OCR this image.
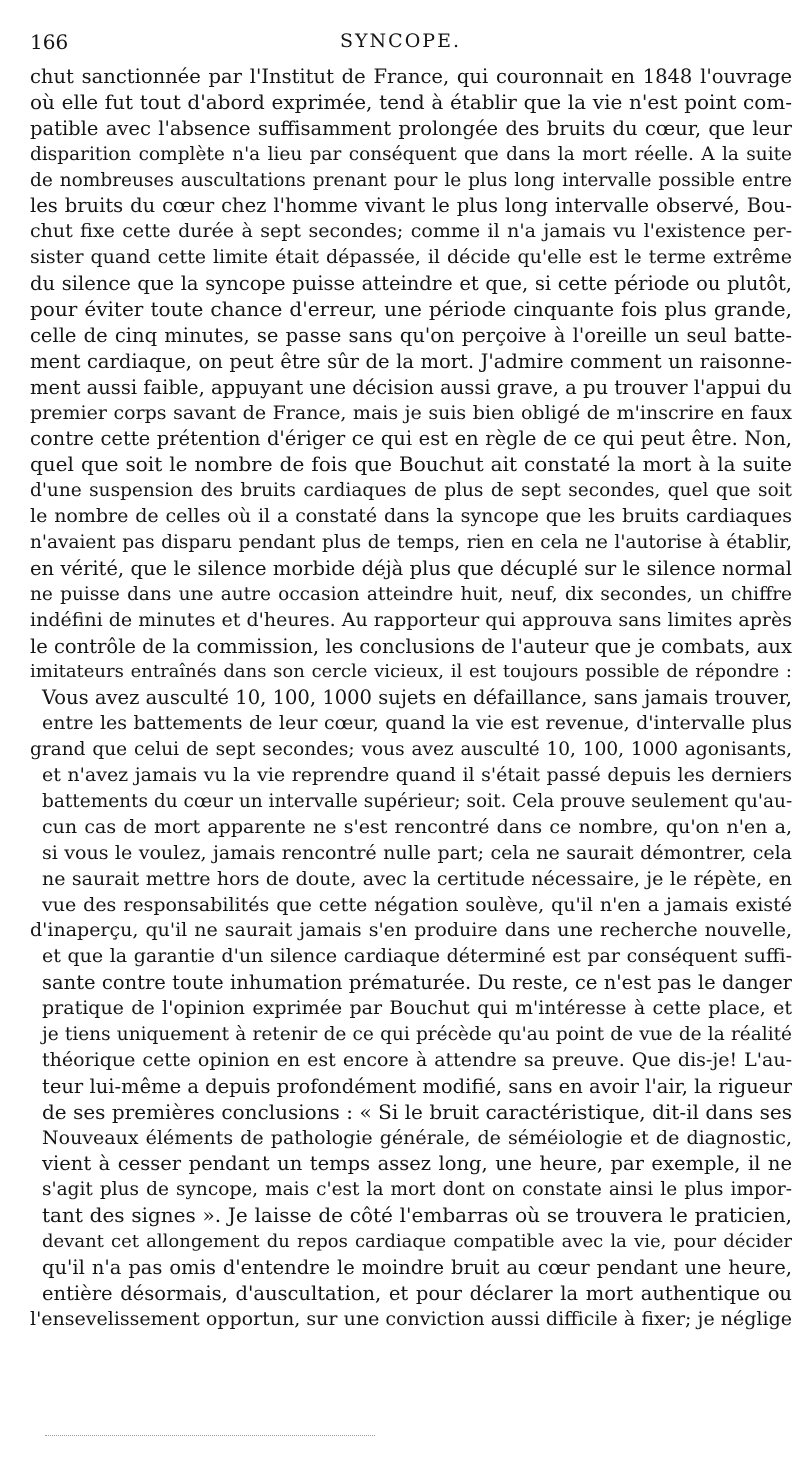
166	SYNCOPE.
chut sanctionnée par l'Institut de France, qui couronnait en 1848 l'ouvrage
où elle fut tout d'abord exprimée, tend à établir que la vie n'est point com-
patible avec l'absence suffisamment prolongée des bruits du cœur, que leur
disparition complète n'a lieu par conséquent que dans la mort réelle. A la suite
de nombreuses auscultations prenant pour le plus long intervalle possible entre
les bruits du cœur chez l'homme vivant le plus long intervalle observé, Bou-
chut fixe cette durée à sept secondes; comme il n'a jamais vu l'existence per-
sister quand cette limite était dépassée, il décide qu'elle est le terme extrême
du silence que la syncope puisse atteindre et que, si cette période ou plutôt,
pour éviter toute chance d'erreur, une période cinquante fois plus grande,
celle de cinq minutes, se passe sans qu'on perçoive à l'oreille un seul batte-
ment cardiaque, on peut être sûr de la mort. J'admire comment un raisonne-
ment aussi faible, appuyant une décision aussi grave, a pu trouver l'appui du
premier corps savant de France, mais je suis bien obligé de m'inscrire en faux
contre cette prétention d'ériger ce qui est en règle de ce qui peut être. Non,
quel que soit le nombre de fois que Bouchut ait constaté la mort à la suite
d'une suspension des bruits cardiaques de plus de sept secondes, quel que soit
le nombre de celles où il a constaté dans la syncope que les bruits cardiaques
n'avaient pas disparu pendant plus de temps, rien en cela ne l'autorise à établir,
en vérité, que le silence morbide déjà plus que décuplé sur le silence normal
ne puisse dans une autre occasion atteindre huit, neuf, dix secondes, un chiffre
indéfini de minutes et d'heures. Au rapporteur qui approuva sans limites après
le contrôle de la commission, les conclusions de l'auteur que je combats, aux
imitateurs entraînés dans son cercle vicieux, il est toujours possible de répondre :
Vous avez ausculté 10, 100, 1000 sujets en défaillance, sans jamais trouver,
entre les battements de leur cœur, quand la vie est revenue, d'intervalle plus
grand que celui de sept secondes; vous avez ausculté 10, 100, 1000 agonisants,
et n'avez jamais vu la vie reprendre quand il s'était passé depuis les derniers
battements du cœur un intervalle supérieur; soit. Cela prouve seulement qu'au-
cun cas de mort apparente ne s'est rencontré dans ce nombre, qu'on n'en a,
si vous le voulez, jamais rencontré nulle part; cela ne saurait démontrer, cela
ne saurait mettre hors de doute, avec la certitude nécessaire, je le répète, en
vue des responsabilités que cette négation soulève, qu'il n'en a jamais existé
d'inaperçu, qu'il ne saurait jamais s'en produire dans une recherche nouvelle,
et que la garantie d'un silence cardiaque déterminé est par conséquent suffi-
sante contre toute inhumation prématurée. Du reste, ce n'est pas le danger
pratique de l'opinion exprimée par Bouchut qui m'intéresse à cette place, et
je tiens uniquement à retenir de ce qui précède qu'au point de vue de la réalité
théorique cette opinion en est encore à attendre sa preuve. Que dis-je! L'au-
teur lui-même a depuis profondément modifié, sans en avoir l'air, la rigueur
de ses premières conclusions : « Si le bruit caractéristique, dit-il dans ses
Nouveaux éléments de pathologie générale, de séméiologie et de diagnostic,
vient à cesser pendant un temps assez long, une heure, par exemple, il ne
s'agit plus de syncope, mais c'est la mort dont on constate ainsi le plus impor-
tant des signes ». Je laisse de côté l'embarras où se trouvera le praticien,
devant cet allongement du repos cardiaque compatible avec la vie, pour décider
qu'il n'a pas omis d'entendre le moindre bruit au cœur pendant une heure,
entière désormais, d'auscultation, et pour déclarer la mort authentique ou
l'ensevelissement opportun, sur une conviction aussi difficile à fixer; je néglige
